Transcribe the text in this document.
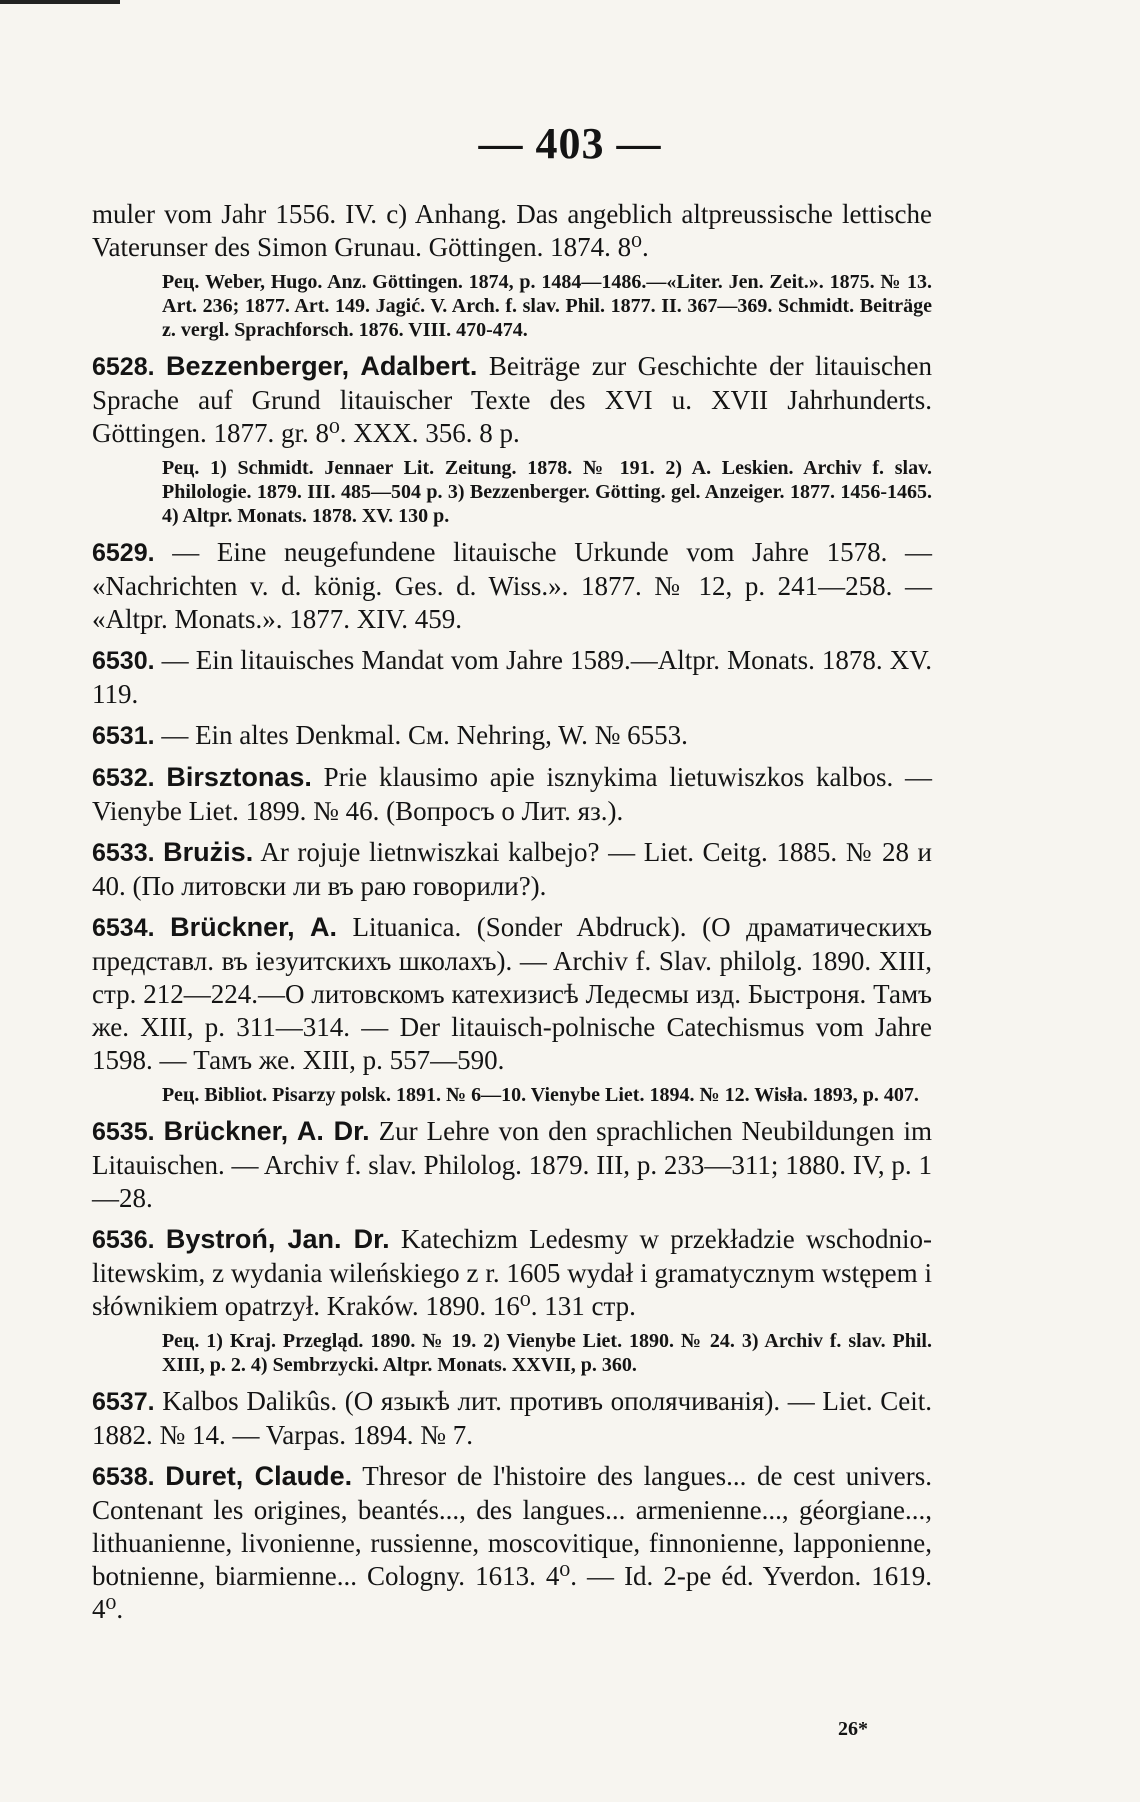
— 403 —

muler vom Jahr 1556. IV. c) Anhang. Das angeblich altpreussische lettische Vaterunser des Simon Grunau. Göttingen. 1874. 8⁰.

Рец. Weber, Hugo. Anz. Göttingen. 1874, p. 1484—1486.—«Liter. Jen. Zeit.». 1875. № 13. Art. 236; 1877. Art. 149. Jagić. V. Arch. f. slav. Phil. 1877. II. 367—369. Schmidt. Beiträge z. vergl. Sprachforsch. 1876. VIII. 470-474.

6528. Bezzenberger, Adalbert. Beiträge zur Geschichte der litauischen Sprache auf Grund litauischer Texte des XVI u. XVII Jahrhunderts. Göttingen. 1877. gr. 8⁰. XXX. 356. 8 p.

Рец. 1) Schmidt. Jennaer Lit. Zeitung. 1878. № 191. 2) A. Leskien. Archiv f. slav. Philologie. 1879. III. 485—504 p. 3) Bezzenberger. Götting. gel. Anzeiger. 1877. 1456-1465. 4) Altpr. Monats. 1878. XV. 130 p.

6529. — Eine neugefundene litauische Urkunde vom Jahre 1578. — «Nachrichten v. d. könig. Ges. d. Wiss.». 1877. № 12, p. 241—258. — «Altpr. Monats.». 1877. XIV. 459.

6530. — Ein litauisches Mandat vom Jahre 1589.—Altpr. Monats. 1878. XV. 119.

6531. — Ein altes Denkmal. См. Nehring, W. № 6553.

6532. Birsztonas. Prie klausimo apie isznykima lietuwiszkos kalbos. — Vienybe Liet. 1899. № 46. (Вопросъ о Лит. яз.).

6533. Brużis. Ar rojuje lietnwiszkai kalbejo? — Liet. Ceitg. 1885. № 28 и 40. (По литовски ли въ раю говорили?).

6534. Brückner, A. Lituanica. (Sonder Abdruck). (О драматическихъ представл. въ iезуитскихъ школахъ). — Archiv f. Slav. philolg. 1890. XIII, стр. 212—224.—О литовскомъ катехизисѣ Ледесмы изд. Быстроня. Тамъ же. XIII, p. 311—314. — Der litauisch-polnische Catechismus vom Jahre 1598. — Тамъ же. XIII, p. 557—590.

Рец. Bibliot. Pisarzy polsk. 1891. № 6—10. Vienybe Liet. 1894. № 12. Wisła. 1893, p. 407.

6535. Brückner, A. Dr. Zur Lehre von den sprachlichen Neubildungen im Litauischen. — Archiv f. slav. Philolog. 1879. III, p. 233—311; 1880. IV, p. 1—28.

6536. Bystroń, Jan. Dr. Katechizm Ledesmy w przekładzie wschodnio-litewskim, z wydania wileńskiego z r. 1605 wydał i gramatycznym wstępem i słównikiem opatrzył. Kraków. 1890. 16⁰. 131 стр.

Рец. 1) Kraj. Przegląd. 1890. № 19. 2) Vienybe Liet. 1890. № 24. 3) Archiv f. slav. Phil. XIII, p. 2. 4) Sembrzycki. Altpr. Monats. XXVII, p. 360.

6537. Kalbos Dalikûs. (О языкѣ лит. противъ ополячиванія). — Liet. Ceit. 1882. № 14. — Varpas. 1894. № 7.

6538. Duret, Claude. Thresor de l'histoire des langues... de cest univers. Contenant les origines, beantés..., des langues... armenienne..., géorgiane..., lithuanienne, livonienne, russienne, moscovitique, finnonienne, lapponienne, botnienne, biarmienne... Cologny. 1613. 4⁰. — Id. 2-pe éd. Yverdon. 1619. 4⁰.

26*
